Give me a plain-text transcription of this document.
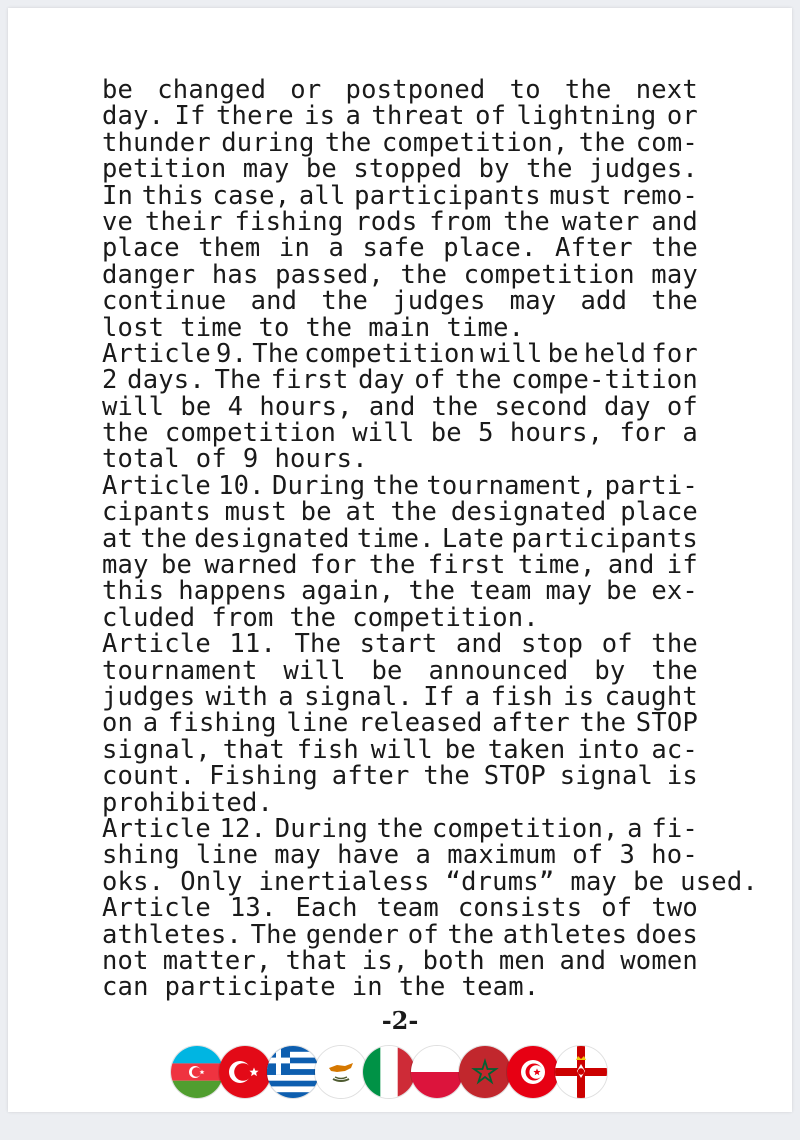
be changed or postponed to the next
day. If there is a threat of lightning or
thunder during the competition, the com-
petition may be stopped by the judges.
In this case, all participants must remo-
ve their fishing rods from the water and
place them in a safe place. After the
danger has passed, the competition may
continue and the judges may add the
lost time to the main time.
Article 9. The competition will be held for
2 days. The first day of the compe-tition
will be 4 hours, and the second day of
the competition will be 5 hours, for a
total of 9 hours.
Article 10. During the tournament, parti-
cipants must be at the designated place
at the designated time. Late participants
may be warned for the first time, and if
this happens again, the team may be ex-
cluded from the competition.
Article 11. The start and stop of the
tournament will be announced by the
judges with a signal. If a fish is caught
on a fishing line released after the STOP
signal, that fish will be taken into ac-
count. Fishing after the STOP signal is
prohibited.
Article 12. During the competition, a fi-
shing line may have a maximum of 3 ho-
oks. Only inertialess “drums” may be used.
Article 13. Each team consists of two
athletes. The gender of the athletes does
not matter, that is, both men and women
can participate in the team.
-2-
